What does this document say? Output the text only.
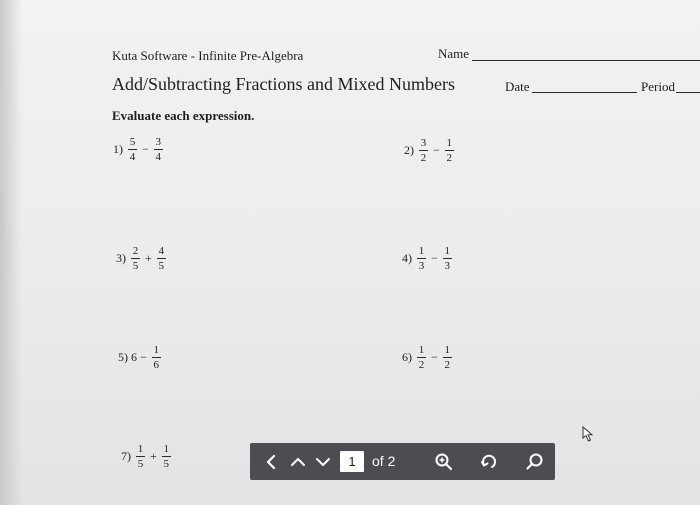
Kuta Software - Infinite Pre-Algebra	Name
Add/Subtracting Fractions and Mixed Numbers	Date	Period
Evaluate each expression.
$1) \frac{5}{4} - \frac{3}{4}$	$2) \frac{3}{2} - \frac{1}{2}$
$3) \frac{2}{5} + \frac{4}{5}$	$4) \frac{1}{3} - \frac{1}{3}$
5) $6 - \frac{1}{6}$	$6) \frac{1}{2} - \frac{1}{2}$
$7) \frac{1}{5} + \frac{1}{5}$	1	of 2
